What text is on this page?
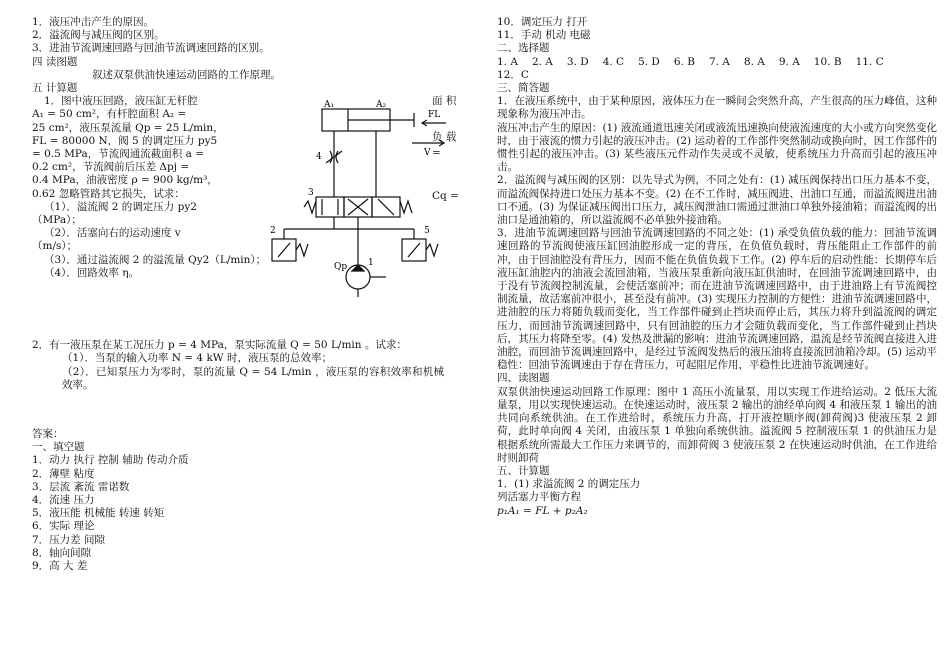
1．液压冲击产生的原因。

2．溢流阀与减压阀的区别。

3．进油节流调速回路与回油节流调速回路的区别。

四 读图题

叙述双泵供油快速运动回路的工作原理。

五 计算题

1．图中液压回路，液压缸无杆腔

A₁ = 50 cm²，有杆腔面积 A₂ =

25 cm²，液压泵流量 Qp = 25 L/min，

FL = 80000 N，阀 5 的调定压力 py5

= 0.5 MPa，节流阀通流截面积 a =

0.2 cm²，节流阀前后压差 Δpj =

0.4 MPa，油液密度 ρ = 900 kg/m³，

0.62 忽略管路其它损失，试求：

（1）．溢流阀 2 的调定压力 py2

（MPa）；

（2）．活塞向右的运动速度 v

（m/s）；

（3）．通过溢流阀 2 的溢流量 Qy2（L/min）；

（4）．回路效率 η。

面 积

负 载

=

Cq =

A₁	A₂
FL
V
4
3
2
1
5
Qp

2．有一液压泵在某工况压力 p = 4 MPa，泵实际流量 Q = 50 L/min 。试求：

（1）．当泵的输入功率 N = 4 kW 时，液压泵的总效率；

（2）．已知泵压力为零时，泵的流量 Q = 54 L/min ，液压泵的容积效率和机械效率。

答案：

一、填空题

1．动力 执行 控制 辅助 传动介质

2．薄壁 粘度

3．层流 紊流 雷诺数

4．流速 压力

5．液压能 机械能 转速 转矩

6．实际 理论

7．压力差 间隙

8．轴向间隙

9．高 大 差

10．调定压力 打开

11．手动 机动 电磁

二、选择题

1. A 2. A 3. D 4. C 5. D 6. B 7. A 8. A 9. A 10. B 11. C

12．C

三、简答题

1．在液压系统中，由于某种原因，液体压力在一瞬间会突然升高，产生很高的压力峰值，这种现象称为液压冲击。

液压冲击产生的原因：(1) 液流通道迅速关闭或液流迅速换向使液流速度的大小或方向突然变化时，由于液流的惯力引起的液压冲击。(2) 运动着的工作部件突然制动或换向时，因工作部件的惯性引起的液压冲击。(3) 某些液压元件动作失灵或不灵敏，使系统压力升高而引起的液压冲击。

2．溢流阀与减压阀的区别：以先导式为例，不同之处有：(1) 减压阀保持出口压力基本不变，而溢流阀保持进口处压力基本不变。(2) 在不工作时，减压阀进、出油口互通，而溢流阀进出油口不通。(3) 为保证减压阀出口压力，减压阀泄油口需通过泄油口单独外接油箱；而溢流阀的出油口是通油箱的，所以溢流阀不必单独外接油箱。

3．进油节流调速回路与回油节流调速回路的不同之处：(1) 承受负值负载的能力：回油节流调速回路的节流阀使液压缸回油腔形成一定的背压，在负值负载时，背压能阻止工作部件的前冲，由于回油腔没有背压力，因而不能在负值负载下工作。(2) 停车后的启动性能：长期停车后液压缸油腔内的油液会流回油箱，当液压泵重新向液压缸供油时，在回油节流调速回路中，由于没有节流阀控制流量，会使活塞前冲；而在进油节流调速回路中，由于进油路上有节流阀控制流量，故活塞前冲很小，甚至没有前冲。(3) 实现压力控制的方便性：进油节流调速回路中，进油腔的压力将随负载而变化，当工作部件碰到止挡块而停止后，其压力将升到溢流阀的调定压力，而回油节流调速回路中，只有回油腔的压力才会随负载而变化，当工作部件碰到止挡块后，其压力将降至零。(4) 发热及泄漏的影响：进油节流调速回路，温流是经节流阀直接进入进油腔，而回油节流调速回路中，是经过节流阀发热后的液压油将直接流回油箱冷却。(5) 运动平稳性：回油节流调速由于存在背压力，可起阻尼作用，平稳性比进油节流调速好。

四、读图题

双泵供油快速运动回路工作原理：图中 1 高压小流量泵，用以实现工作进给运动。2 低压大流量泵，用以实现快速运动。在快速运动时，液压泵 2 输出的油经单向阀 4 和液压泵 1 输出的油共同向系统供油。在工作进给时，系统压力升高，打开液控顺序阀(卸荷阀)3 使液压泵 2 卸荷，此时单向阀 4 关闭，由液压泵 1 单独向系统供油。溢流阀 5 控制液压泵 1 的供油压力是根据系统所需最大工作压力来调节的，而卸荷阀 3 使液压泵 2 在快速运动时供油，在工作进给时则卸荷

五、计算题

1．(1) 求溢流阀 2 的调定压力

列活塞力平衡方程

p₁A₁ = FL + p₂A₂
